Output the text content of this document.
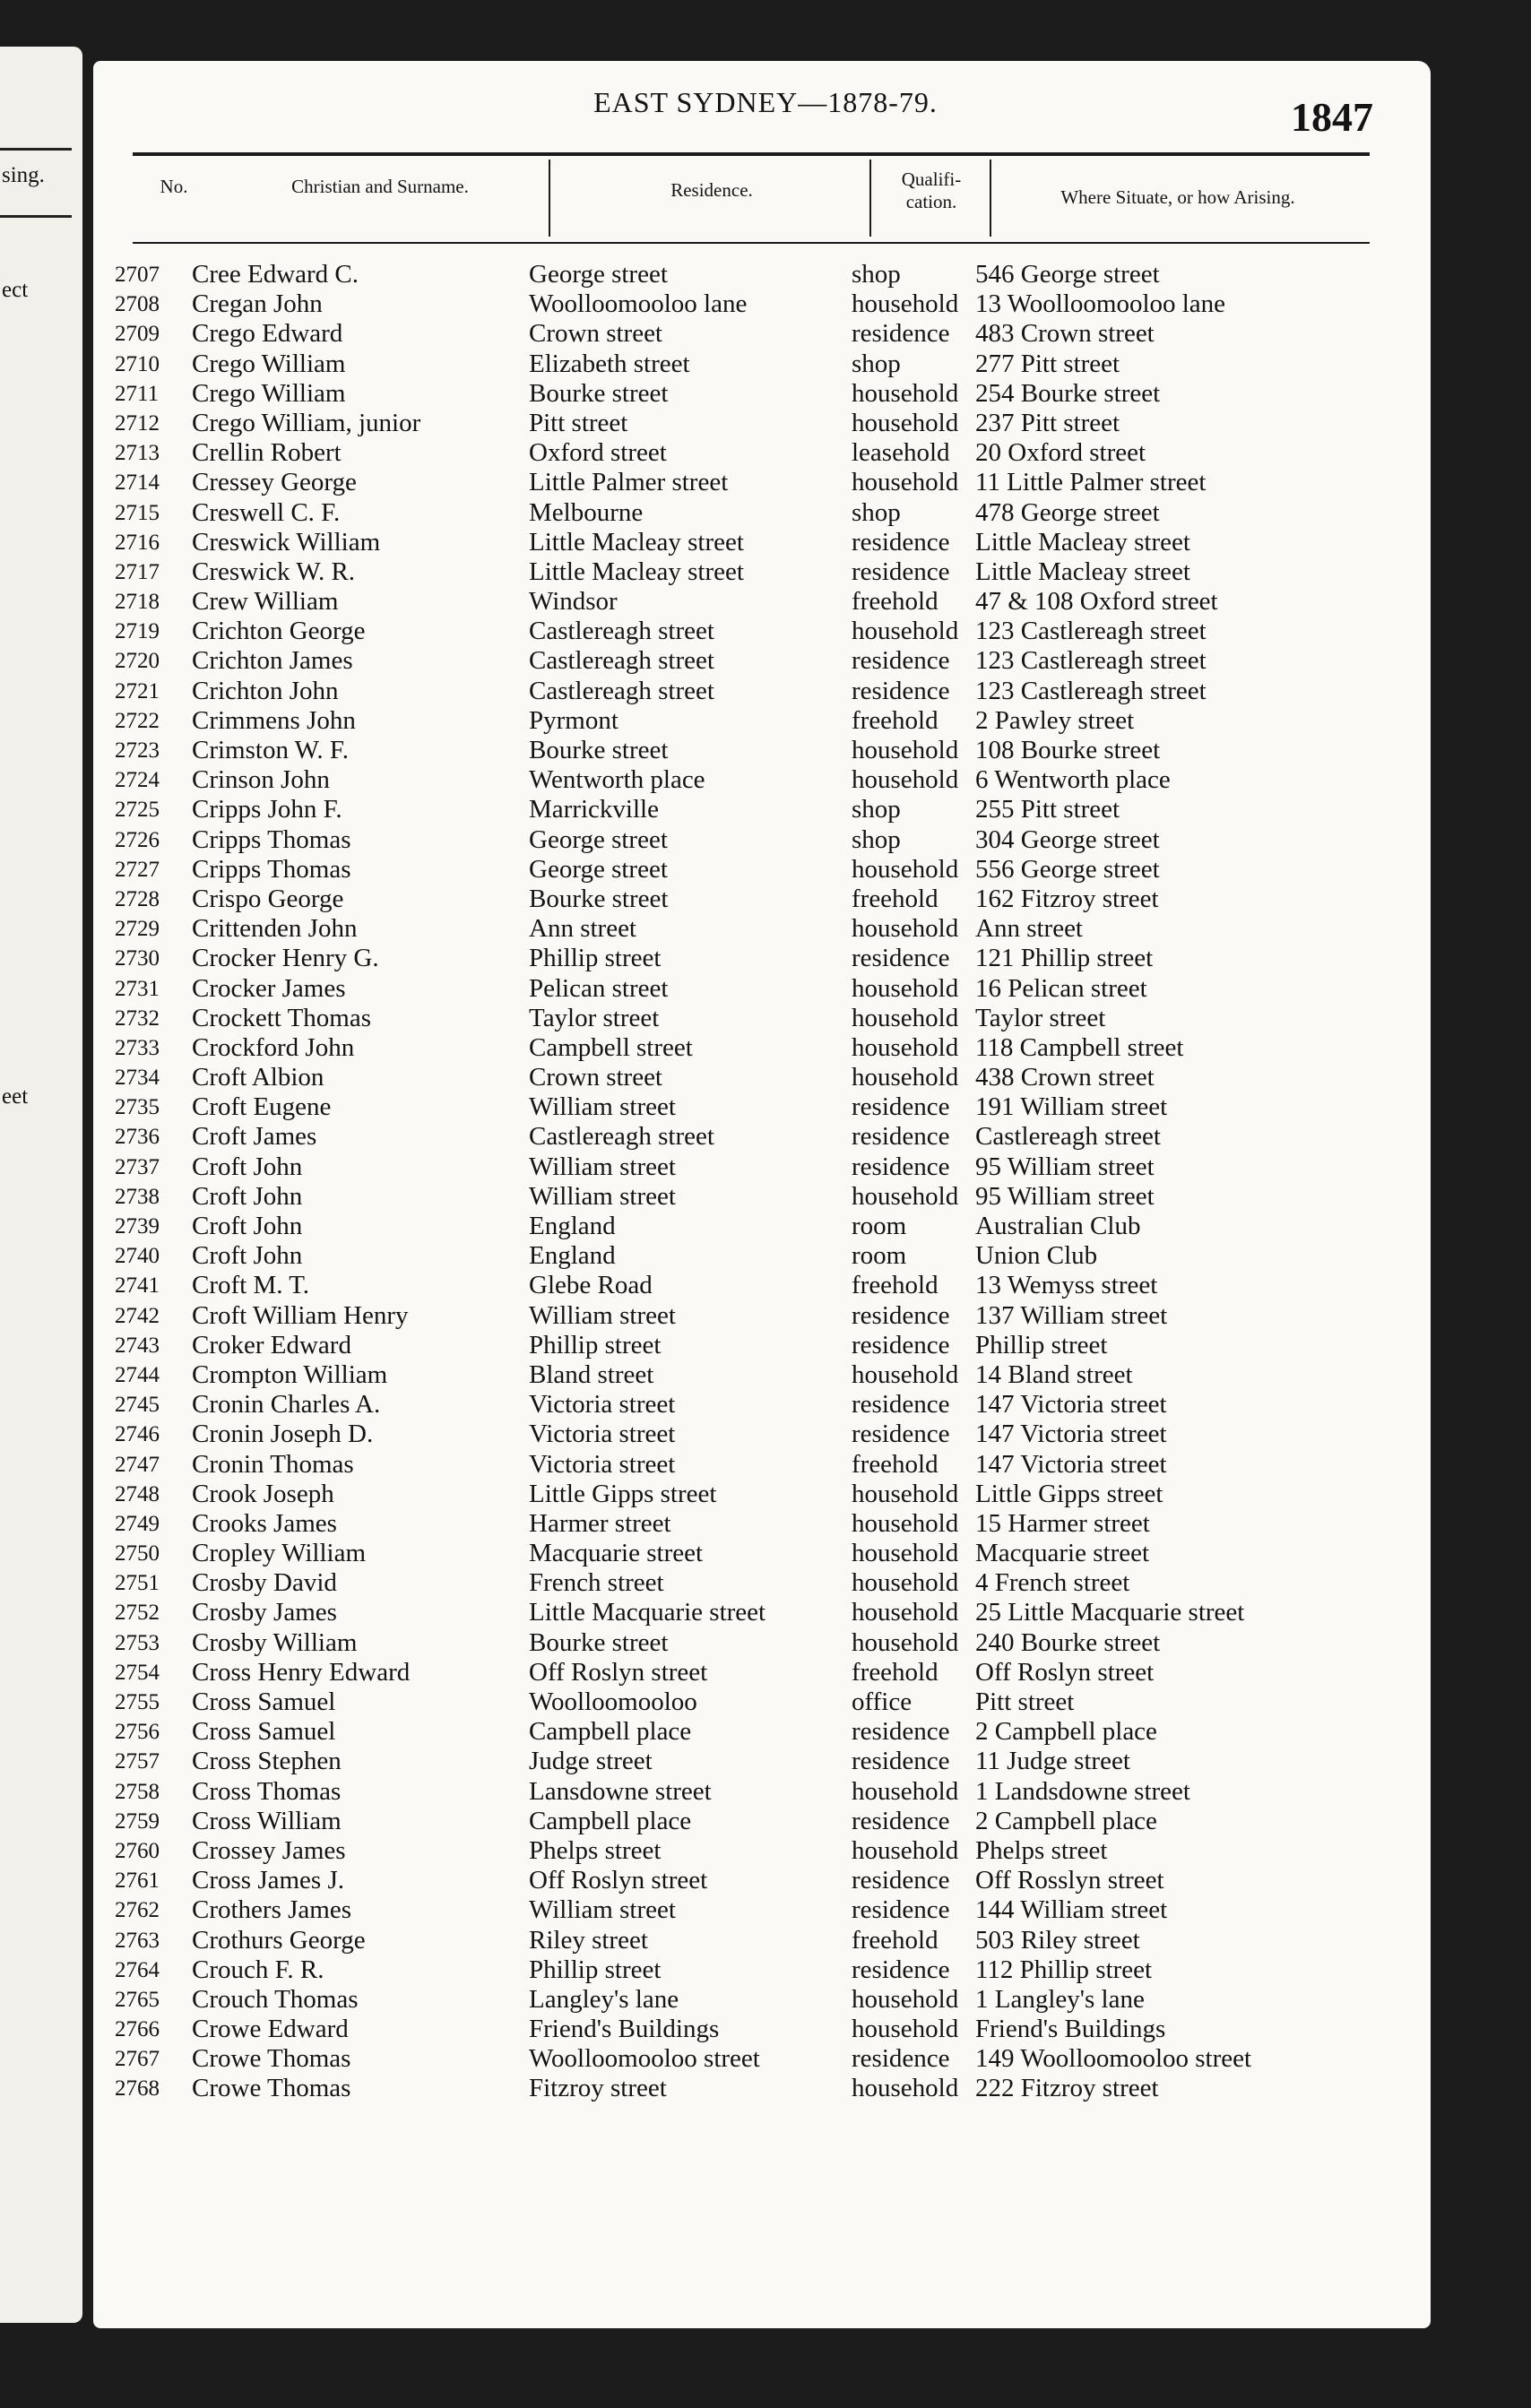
sing.
ect
eet
EAST SYDNEY—1878-79.	1847
No.	Christian and Surname.	Residence.	Qualifi-
cation.	Where Situate, or how Arising.
2707	Cree Edward C.	George street	shop	546 George street
2708	Cregan John	Woolloomooloo lane	household 13 Woolloomooloo lane
2709	Crego Edward	Crown street	residence 483 Crown street
2710	Crego William	Elizabeth street	shop	277 Pitt street
2711	Crego William	Bourke street	household 254 Bourke street
2712	Crego William, junior	Pitt street	household 237 Pitt street
2713	Crellin Robert	Oxford street	leasehold 20 Oxford street
2714	Cressey George	Little Palmer street	household 11 Little Palmer street
2715	Creswell C. F.	Melbourne	shop	478 George street
2716	Creswick William	Little Macleay street	residence Little Macleay street
2717	Creswick W. R.	Little Macleay street	residence Little Macleay street
2718	Crew William	Windsor	freehold 47 & 108 Oxford street
2719	Crichton George	Castlereagh street	household 123 Castlereagh street
2720	Crichton James	Castlereagh street	residence 123 Castlereagh street
2721	Crichton John	Castlereagh street	residence 123 Castlereagh street
2722	Crimmens John	Pyrmont	freehold 2 Pawley street
2723	Crimston W. F.	Bourke street	household 108 Bourke street
2724	Crinson John	Wentworth place	household 6 Wentworth place
2725	Cripps John F.	Marrickville	shop	255 Pitt street
2726	Cripps Thomas	George street	shop	304 George street
2727	Cripps Thomas	George street	household 556 George street
2728	Crispo George	Bourke street	freehold 162 Fitzroy street
2729	Crittenden John	Ann street	household Ann street
2730	Crocker Henry G.	Phillip street	residence 121 Phillip street
2731	Crocker James	Pelican street	household 16 Pelican street
2732	Crockett Thomas	Taylor street	household Taylor street
2733	Crockford John	Campbell street	household 118 Campbell street
2734	Croft Albion	Crown street	household 438 Crown street
2735	Croft Eugene	William street	residence 191 William street
2736	Croft James	Castlereagh street	residence Castlereagh street
2737	Croft John	William street	residence 95 William street
2738	Croft John	William street	household 95 William street
2739	Croft John	England	room	Australian Club
2740	Croft John	England	room	Union Club
2741	Croft M. T.	Glebe Road	freehold 13 Wemyss street
2742	Croft William Henry	William street	residence 137 William street
2743	Croker Edward	Phillip street	residence Phillip street
2744	Crompton William	Bland street	household 14 Bland street
2745	Cronin Charles A.	Victoria street	residence 147 Victoria street
2746	Cronin Joseph D.	Victoria street	residence 147 Victoria street
2747	Cronin Thomas	Victoria street	freehold 147 Victoria street
2748	Crook Joseph	Little Gipps street	household Little Gipps street
2749	Crooks James	Harmer street	household 15 Harmer street
2750	Cropley William	Macquarie street	household Macquarie street
2751	Crosby David	French street	household 4 French street
2752	Crosby James	Little Macquarie street	household 25 Little Macquarie street
2753	Crosby William	Bourke street	household 240 Bourke street
2754	Cross Henry Edward	Off Roslyn street	freehold Off Roslyn street
2755	Cross Samuel	Woolloomooloo	office Pitt street
2756	Cross Samuel	Campbell place	residence 2 Campbell place
2757	Cross Stephen	Judge street	residence 11 Judge street
2758	Cross Thomas	Lansdowne street	household 1 Landsdowne street
2759	Cross William	Campbell place	residence 2 Campbell place
2760	Crossey James	Phelps street	household Phelps street
2761	Cross James J.	Off Roslyn street	residence Off Rosslyn street
2762	Crothers James	William street	residence 144 William street
2763	Crothurs George	Riley street	freehold 503 Riley street
2764	Crouch F. R.	Phillip street	residence 112 Phillip street
2765	Crouch Thomas	Langley's lane	household 1 Langley's lane
2766	Crowe Edward	Friend's Buildings	household Friend's Buildings
2767	Crowe Thomas	Woolloomooloo street	residence 149 Woolloomooloo street
2768	Crowe Thomas	Fitzroy street	household 222 Fitzroy street
